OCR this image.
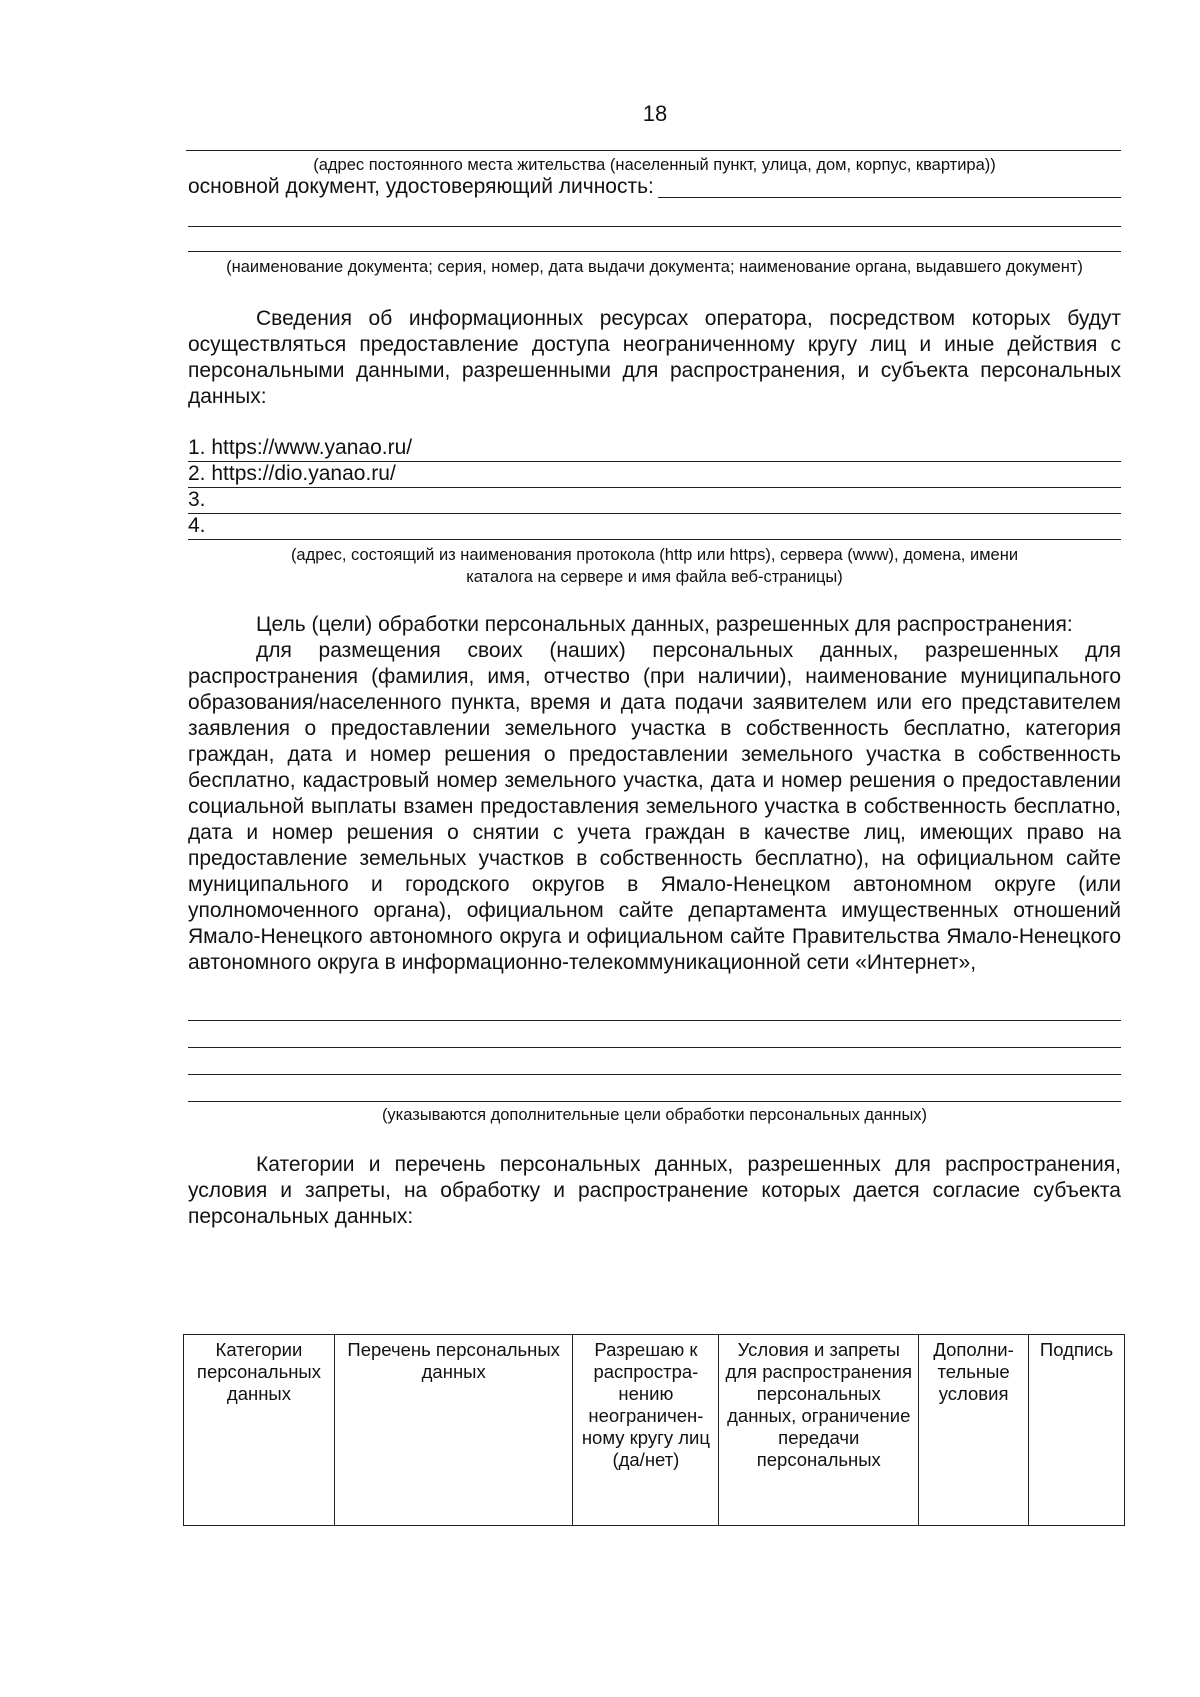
18
(адрес постоянного места жительства (населенный пункт, улица, дом, корпус, квартира))
основной документ, удостоверяющий личность:
(наименование документа; серия, номер, дата выдачи документа; наименование органа, выдавшего документ)

Сведения об информационных ресурсах оператора, посредством которых будут осуществляться предоставление доступа неограниченному кругу лиц и иные действия с персональными данными, разрешенными для распространения, и субъекта персональных данных:

1. https://www.yanao.ru/
2. https://dio.yanao.ru/
3.
4.
(адрес, состоящий из наименования протокола (http или https), сервера (www), домена, имени каталога на сервере и имя файла веб-страницы)

Цель (цели) обработки персональных данных, разрешенных для распространения:

для размещения своих (наших) персональных данных, разрешенных для распространения (фамилия, имя, отчество (при наличии), наименование муниципального образования/населенного пункта, время и дата подачи заявителем или его представителем заявления о предоставлении земельного участка в собственность бесплатно, категория граждан, дата и номер решения о предоставлении земельного участка в собственность бесплатно, кадастровый номер земельного участка, дата и номер решения о предоставлении социальной выплаты взамен предоставления земельного участка в собственность бесплатно, дата и номер решения о снятии с учета граждан в качестве лиц, имеющих право на предоставление земельных участков в собственность бесплатно), на официальном сайте муниципального и городского округов в Ямало-Ненецком автономном округе (или уполномоченного органа), официальном сайте департамента имущественных отношений Ямало-Ненецкого автономного округа и официальном сайте Правительства Ямало-Ненецкого автономного округа в информационно-телекоммуникационной сети «Интернет»,

(указываются дополнительные цели обработки персональных данных)

Категории и перечень персональных данных, разрешенных для распространения, условия и запреты, на обработку и распространение которых дается согласие субъекта персональных данных:

Категории персональных данных	Перечень персональных данных	Разрешаю к распростра-нению неограничен-ному кругу лиц (да/нет)	Условия и запреты для распространения персональных данных, ограничение передачи персональных	Дополни-тельные условия	Подпись
